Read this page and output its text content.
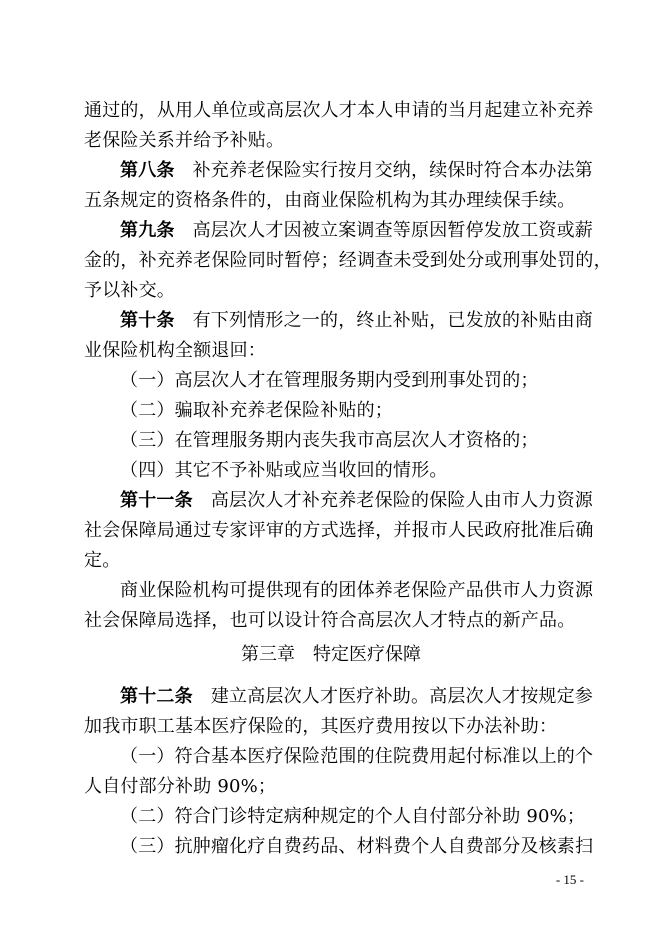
通过的，从用人单位或高层次人才本人申请的当月起建立补充养
老保险关系并给予补贴。
第八条 补充养老保险实行按月交纳，续保时符合本办法第
五条规定的资格条件的，由商业保险机构为其办理续保手续。
第九条 高层次人才因被立案调查等原因暂停发放工资或薪
金的，补充养老保险同时暂停；经调查未受到处分或刑事处罚的，
予以补交。
第十条 有下列情形之一的，终止补贴，已发放的补贴由商
业保险机构全额退回：
（一）高层次人才在管理服务期内受到刑事处罚的；
（二）骗取补充养老保险补贴的；
（三）在管理服务期内丧失我市高层次人才资格的；
（四）其它不予补贴或应当收回的情形。
第十一条 高层次人才补充养老保险的保险人由市人力资源
社会保障局通过专家评审的方式选择，并报市人民政府批准后确
定。
商业保险机构可提供现有的团体养老保险产品供市人力资源
社会保障局选择，也可以设计符合高层次人才特点的新产品。
第三章　特定医疗保障
第十二条 建立高层次人才医疗补助。高层次人才按规定参
加我市职工基本医疗保险的，其医疗费用按以下办法补助：
（一）符合基本医疗保险范围的住院费用起付标准以上的个
人自付部分补助 90%；
（二）符合门诊特定病种规定的个人自付部分补助 90%；
（三）抗肿瘤化疗自费药品、材料费个人自费部分及核素扫
- 15 -
